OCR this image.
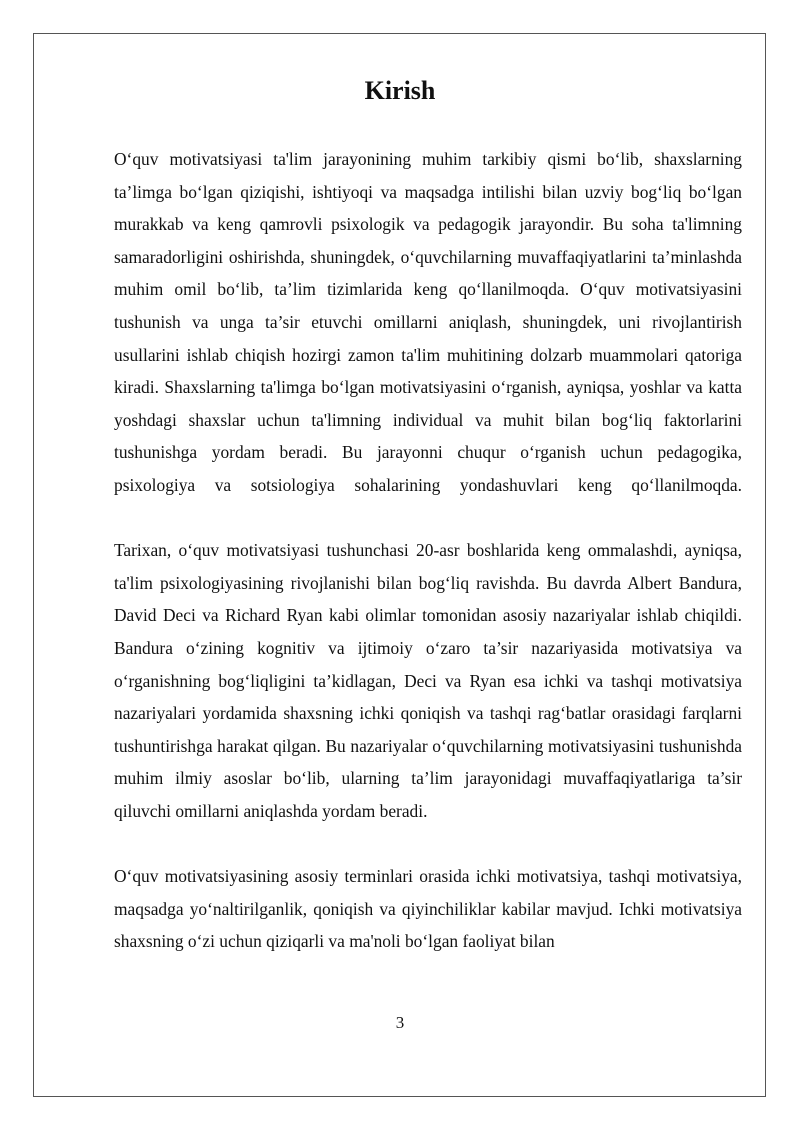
Kirish

O‘quv motivatsiyasi ta'lim jarayonining muhim tarkibiy qismi bo‘lib, shaxslarning ta’limga bo‘lgan qiziqishi, ishtiyoqi va maqsadga intilishi bilan uzviy bog‘liq bo‘lgan murakkab va keng qamrovli psixologik va pedagogik jarayondir. Bu soha ta'limning samaradorligini oshirishda, shuningdek, o‘quvchilarning muvaffaqiyatlarini ta’minlashda muhim omil bo‘lib, ta’lim tizimlarida keng qo‘llanilmoqda. O‘quv motivatsiyasini tushunish va unga ta’sir etuvchi omillarni aniqlash, shuningdek, uni rivojlantirish usullarini ishlab chiqish hozirgi zamon ta'lim muhitining dolzarb muammolari qatoriga kiradi. Shaxslarning ta'limga bo‘lgan motivatsiyasini o‘rganish, ayniqsa, yoshlar va katta yoshdagi shaxslar uchun ta'limning individual va muhit bilan bog‘liq faktorlarini tushunishga yordam beradi. Bu jarayonni chuqur o‘rganish uchun pedagogika, psixologiya va sotsiologiya sohalarining yondashuvlari keng qo‘llanilmoqda.

Tarixan, o‘quv motivatsiyasi tushunchasi 20-asr boshlarida keng ommalashdi, ayniqsa, ta'lim psixologiyasining rivojlanishi bilan bog‘liq ravishda. Bu davrda Albert Bandura, David Deci va Richard Ryan kabi olimlar tomonidan asosiy nazariyalar ishlab chiqildi. Bandura o‘zining kognitiv va ijtimoiy o‘zaro ta’sir nazariyasida motivatsiya va o‘rganishning bog‘liqligini ta’kidlagan, Deci va Ryan esa ichki va tashqi motivatsiya nazariyalari yordamida shaxsning ichki qoniqish va tashqi rag‘batlar orasidagi farqlarni tushuntirishga harakat qilgan. Bu nazariyalar o‘quvchilarning motivatsiyasini tushunishda muhim ilmiy asoslar bo‘lib, ularning ta’lim jarayonidagi muvaffaqiyatlariga ta’sir qiluvchi omillarni aniqlashda yordam beradi.

O‘quv motivatsiyasining asosiy terminlari orasida ichki motivatsiya, tashqi motivatsiya, maqsadga yo‘naltirilganlik, qoniqish va qiyinchiliklar kabilar mavjud. Ichki motivatsiya shaxsning o‘zi uchun qiziqarli va ma'noli bo‘lgan faoliyat bilan

3
